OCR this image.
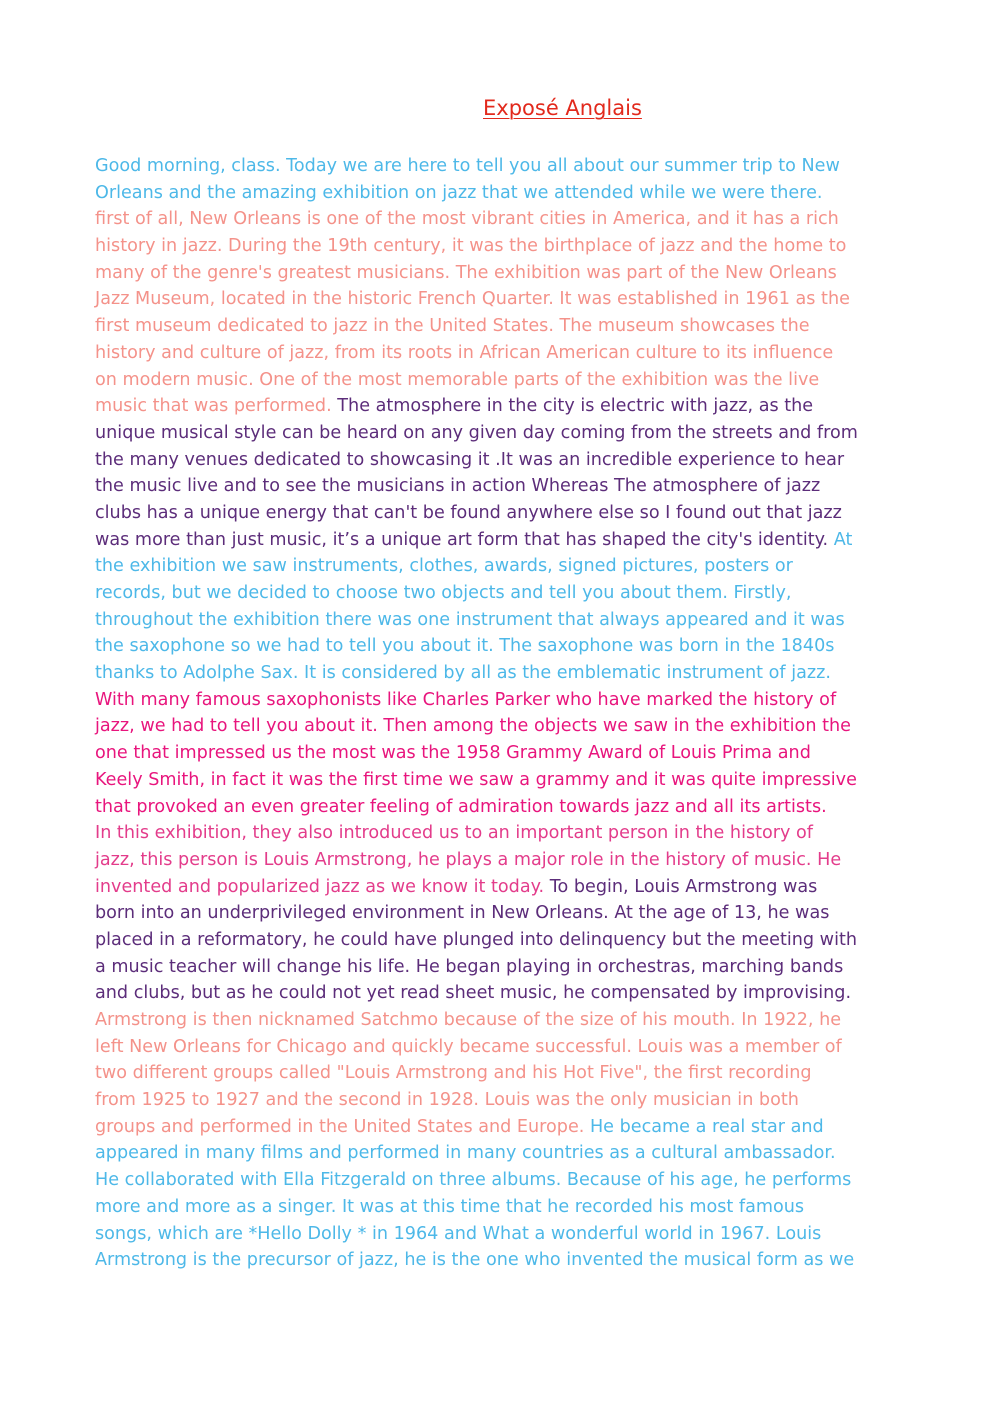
Exposé Anglais
Good morning, class. Today we are here to tell you all about our summer trip to New
Orleans and the amazing exhibition on jazz that we attended while we were there.
first of all, New Orleans is one of the most vibrant cities in America, and it has a rich
history in jazz. During the 19th century, it was the birthplace of jazz and the home to
many of the genre's greatest musicians. The exhibition was part of the New Orleans
Jazz Museum, located in the historic French Quarter. It was established in 1961 as the
first museum dedicated to jazz in the United States. The museum showcases the
history and culture of jazz, from its roots in African American culture to its influence
on modern music. One of the most memorable parts of the exhibition was the live
music that was performed. The atmosphere in the city is electric with jazz, as the
unique musical style can be heard on any given day coming from the streets and from
the many venues dedicated to showcasing it .It was an incredible experience to hear
the music live and to see the musicians in action Whereas The atmosphere of jazz
clubs has a unique energy that can't be found anywhere else so I found out that jazz
was more than just music, it’s a unique art form that has shaped the city's identity. At
the exhibition we saw instruments, clothes, awards, signed pictures, posters or
records, but we decided to choose two objects and tell you about them. Firstly,
throughout the exhibition there was one instrument that always appeared and it was
the saxophone so we had to tell you about it. The saxophone was born in the 1840s
thanks to Adolphe Sax. It is considered by all as the emblematic instrument of jazz.
With many famous saxophonists like Charles Parker who have marked the history of
jazz, we had to tell you about it. Then among the objects we saw in the exhibition the
one that impressed us the most was the 1958 Grammy Award of Louis Prima and
Keely Smith, in fact it was the first time we saw a grammy and it was quite impressive
that provoked an even greater feeling of admiration towards jazz and all its artists.
In this exhibition, they also introduced us to an important person in the history of
jazz, this person is Louis Armstrong, he plays a major role in the history of music. He
invented and popularized jazz as we know it today. To begin, Louis Armstrong was
born into an underprivileged environment in New Orleans. At the age of 13, he was
placed in a reformatory, he could have plunged into delinquency but the meeting with
a music teacher will change his life. He began playing in orchestras, marching bands
and clubs, but as he could not yet read sheet music, he compensated by improvising.
Armstrong is then nicknamed Satchmo because of the size of his mouth. In 1922, he
left New Orleans for Chicago and quickly became successful. Louis was a member of
two different groups called "Louis Armstrong and his Hot Five", the first recording
from 1925 to 1927 and the second in 1928. Louis was the only musician in both
groups and performed in the United States and Europe. He became a real star and
appeared in many films and performed in many countries as a cultural ambassador.
He collaborated with Ella Fitzgerald on three albums. Because of his age, he performs
more and more as a singer. It was at this time that he recorded his most famous
songs, which are *Hello Dolly * in 1964 and What a wonderful world in 1967. Louis
Armstrong is the precursor of jazz, he is the one who invented the musical form as we
